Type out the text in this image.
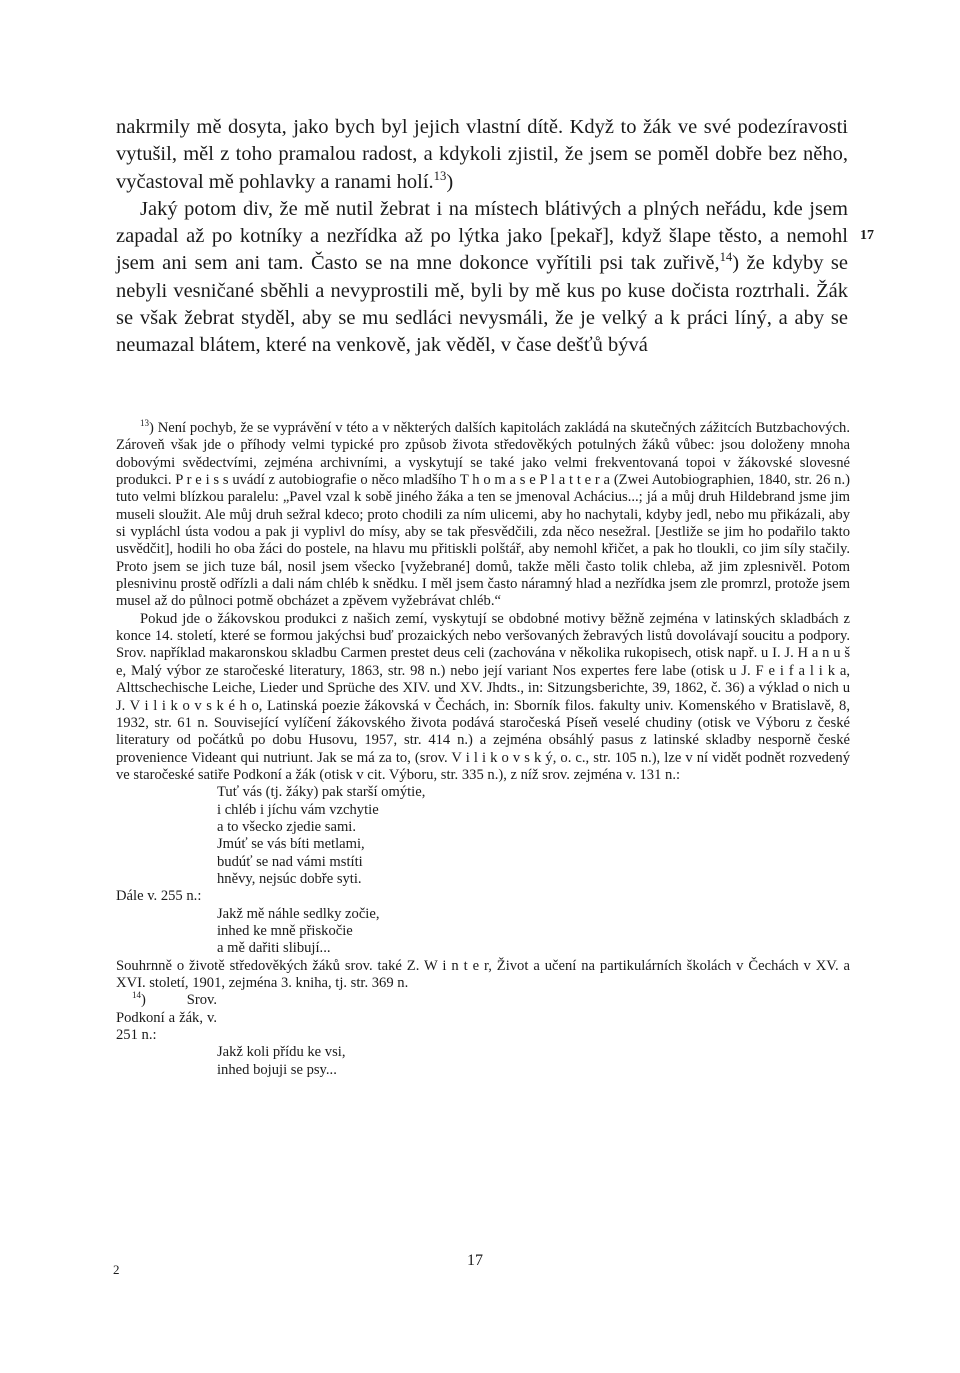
nakrmily mě dosyta, jako bych byl jejich vlastní dítě. Když to žák ve své podezíravosti vytušil, měl z toho pramalou radost, a kdykoli zjistil, že jsem se poměl dobře bez něho, vyčastoval mě pohlavky a ranami holí.$^{13}$)

Jaký potom div, že mě nutil žebrat i na místech blátivých a plných neřádu, kde jsem zapadal až po kotníky a nezřídka až po lýtka jako [pekař], když šlape těsto, a nemohl jsem ani sem ani tam. Často se na mne dokonce vyřítili psi tak zuřivě,$^{14}$) že kdyby se nebyli vesničané sběhli a nevyprostili mě, byli by mě kus po kuse dočista roztrhali. Žák se však žebrat styděl, aby se mu sedláci nevysmáli, že je velký a k práci líný, a aby se neumazal blátem, které na venkově, jak věděl, v čase dešťů bývá

17

$^{13}$) Není pochyb, že se vyprávění v této a v některých dalších kapitolách zakládá na skutečných zážitcích Butzbachových. Zároveň však jde o příhody velmi typické pro způsob života středověkých potulných žáků vůbec: jsou doloženy mnoha dobovými svědectvími, zejména archivními, a vyskytují se také jako velmi frekventovaná topoi v žákovské slovesné produkci. P r e i s s uvádí z autobiografie o něco mladšího T h o m a s e P l a t t e r a (Zwei Autobiographien, 1840, str. 26 n.) tuto velmi blízkou paralelu: „Pavel vzal k sobě jiného žáka a ten se jmenoval Achácius...; já a můj druh Hildebrand jsme jim museli sloužit. Ale můj druh sežral kdeco; proto chodili za ním ulicemi, aby ho nachytali, kdyby jedl, nebo mu přikázali, aby si vypláchl ústa vodou a pak ji vyplivl do mísy, aby se tak přesvědčili, zda něco nesežral. [Jestliže se jim ho podařilo takto usvědčit], hodili ho oba žáci do postele, na hlavu mu přitiskli polštář, aby nemohl křičet, a pak ho tloukli, co jim síly stačily. Proto jsem se jich tuze bál, nosil jsem všecko [vyžebrané] domů, takže měli často tolik chleba, až jim zplesnivěl. Potom plesnivinu prostě odřízli a dali nám chléb k snědku. I měl jsem často náramný hlad a nezřídka jsem zle promrzl, protože jsem musel až do půlnoci potmě obcházet a zpěvem vyžebrávat chléb.“

Pokud jde o žákovskou produkci z našich zemí, vyskytují se obdobné motivy běžně zejména v latinských skladbách z konce 14. století, které se formou jakýchsi buď prozaických nebo veršovaných žebravých listů dovolávají soucitu a podpory. Srov. například makaronskou skladbu Carmen prestet deus celi (zachována v několika rukopisech, otisk např. u I. J. H a n u š e, Malý výbor ze staročeské literatury, 1863, str. 98 n.) nebo její variant Nos expertes fere labe (otisk u J. F e i f a l i k a, Alttschechische Leiche, Lieder und Sprüche des XIV. und XV. Jhdts., in: Sitzungsberichte, 39, 1862, č. 36) a výklad o nich u J. V i l i k o v s k é h o, Latinská poezie žákovská v Čechách, in: Sborník filos. fakulty univ. Komenského v Bratislavě, 8, 1932, str. 61 n. Související vylíčení žákovského života podává staročeská Píseň veselé chudiny (otisk ve Výboru z české literatury od počátků po dobu Husovu, 1957, str. 414 n.) a zejména obsáhlý pasus z latinské skladby nesporně české provenience Videant qui nutriunt. Jak se má za to, (srov. V i l i k o v s k ý, o. c., str. 105 n.), lze v ní vidět podnět rozvedený ve staročeské satiře Podkoní a žák (otisk v cit. Výboru, str. 335 n.), z níž srov. zejména v. 131 n.:

Tuť vás (tj. žáky) pak starší omýtie,
i chléb i jíchu vám vzchytie
a to všecko zjedie sami.
Jmúť se vás bíti metlami,
budúť se nad vámi mstíti
hněvy, nejsúc dobře syti.

Dále v. 255 n.:

Jakž mě náhle sedlky zočie,
inhed ke mně přiskočie
a mě dařiti slibují...

Souhrnně o životě středověkých žáků srov. také Z. W i n t e r, Život a učení na partikulárních školách v Čechách v XV. a XVI. století, 1901, zejména 3. kniha, tj. str. 369 n.

$^{14}$) Srov. Podkoní a žák, v. 251 n.:
Jakž koli přídu ke vsi,
inhed bojuji se psy...
17
2
